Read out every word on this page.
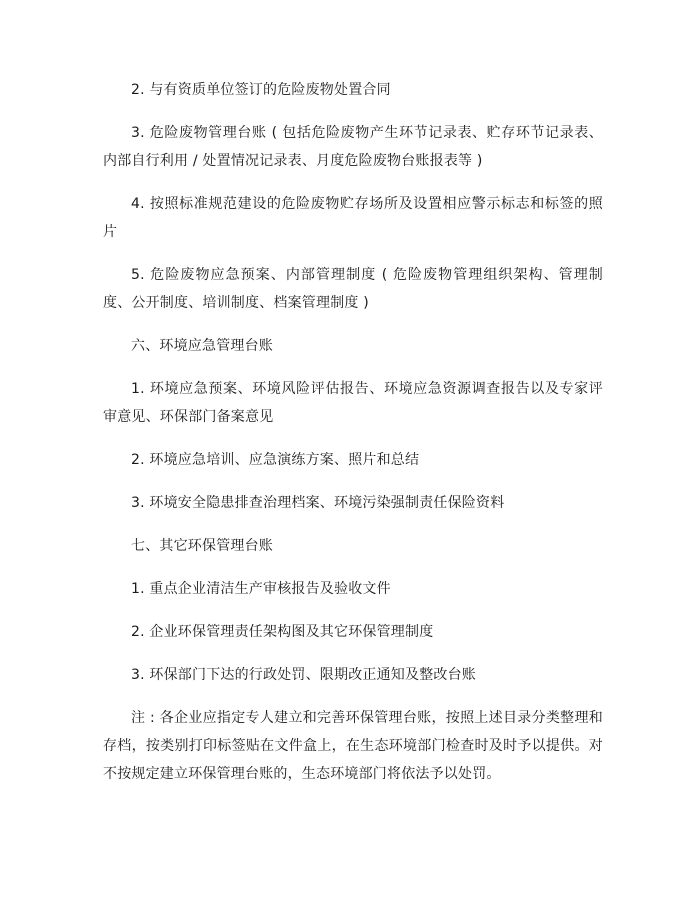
2. 与有资质单位签订的危险废物处置合同

3. 危险废物管理台账 ( 包括危险废物产生环节记录表、贮存环节记录表、内部自行利用 / 处置情况记录表、月度危险废物台账报表等 )

4. 按照标准规范建设的危险废物贮存场所及设置相应警示标志和标签的照片

5. 危险废物应急预案、内部管理制度 ( 危险废物管理组织架构、管理制度、公开制度、培训制度、档案管理制度 )

六、环境应急管理台账

1. 环境应急预案、环境风险评估报告、环境应急资源调查报告以及专家评审意见、环保部门备案意见

2. 环境应急培训、应急演练方案、照片和总结

3. 环境安全隐患排查治理档案、环境污染强制责任保险资料

七、其它环保管理台账

1. 重点企业清洁生产审核报告及验收文件

2. 企业环保管理责任架构图及其它环保管理制度

3. 环保部门下达的行政处罚、限期改正通知及整改台账

注 : 各企业应指定专人建立和完善环保管理台账，按照上述目录分类整理和存档，按类别打印标签贴在文件盒上，在生态环境部门检查时及时予以提供。对不按规定建立环保管理台账的，生态环境部门将依法予以处罚。
